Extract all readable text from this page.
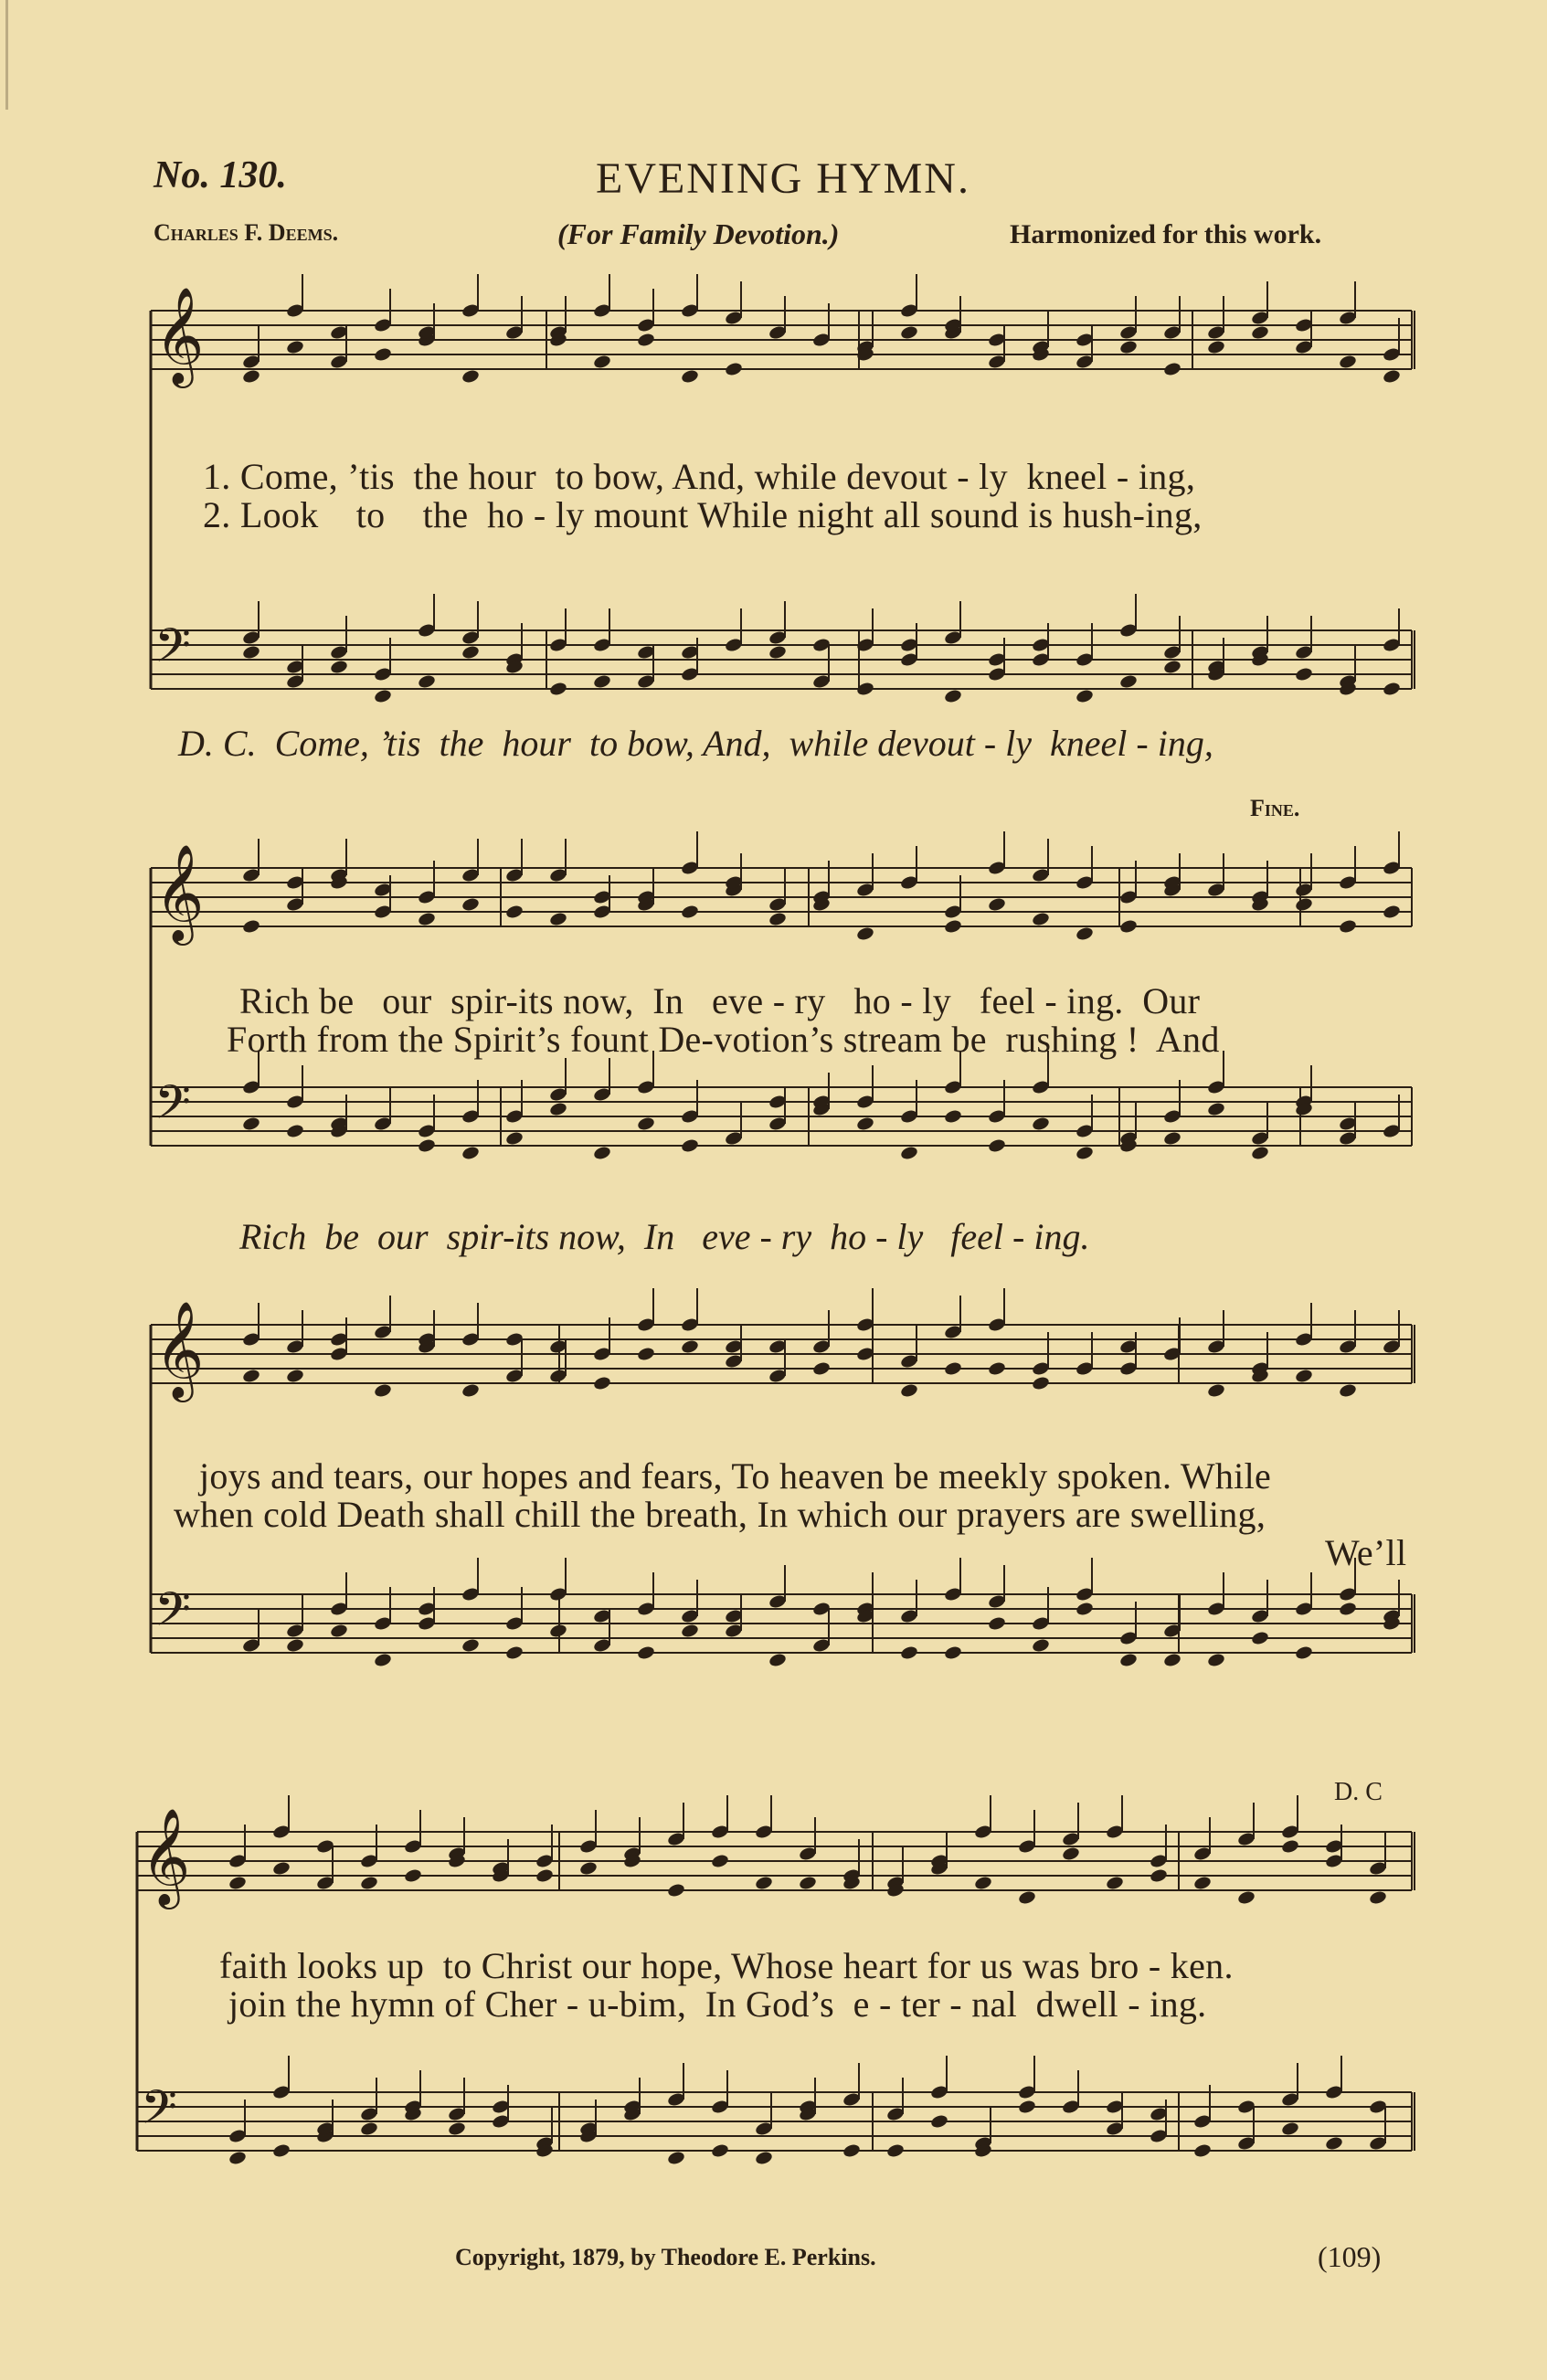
No. 130.	EVENING HYMN.
Charles F. Deems.	(For Family Devotion.)	Harmonized for this work.
𝄞
𝄢
𝄞
𝄢
𝄞
𝄢
𝄞
𝄢
1. Come, ’tis  the hour  to bow, And, while devout - ly  kneel - ing,
2. Look    to    the  ho - ly mount While night all sound is hush-ing,
D. C.  Come, ’tis  the  hour  to bow, And,  while devout - ly  kneel - ing,
Fine.
Rich be   our  spir-its now,  In   eve - ry   ho - ly   feel - ing.  Our
Forth from the Spirit’s fount De-votion’s stream be  rushing !  And
Rich  be  our  spir-its now,  In   eve - ry  ho - ly   feel - ing.
joys and tears, our hopes and fears, To heaven be meekly spoken. While
when cold Death shall chill the breath, In which our prayers are swelling,
We’ll
D. C
faith looks up  to Christ our hope, Whose heart for us was bro - ken.
join the hymn of Cher - u-bim,  In God’s  e - ter - nal  dwell - ing.
Copyright, 1879, by Theodore E. Perkins.	(109)
